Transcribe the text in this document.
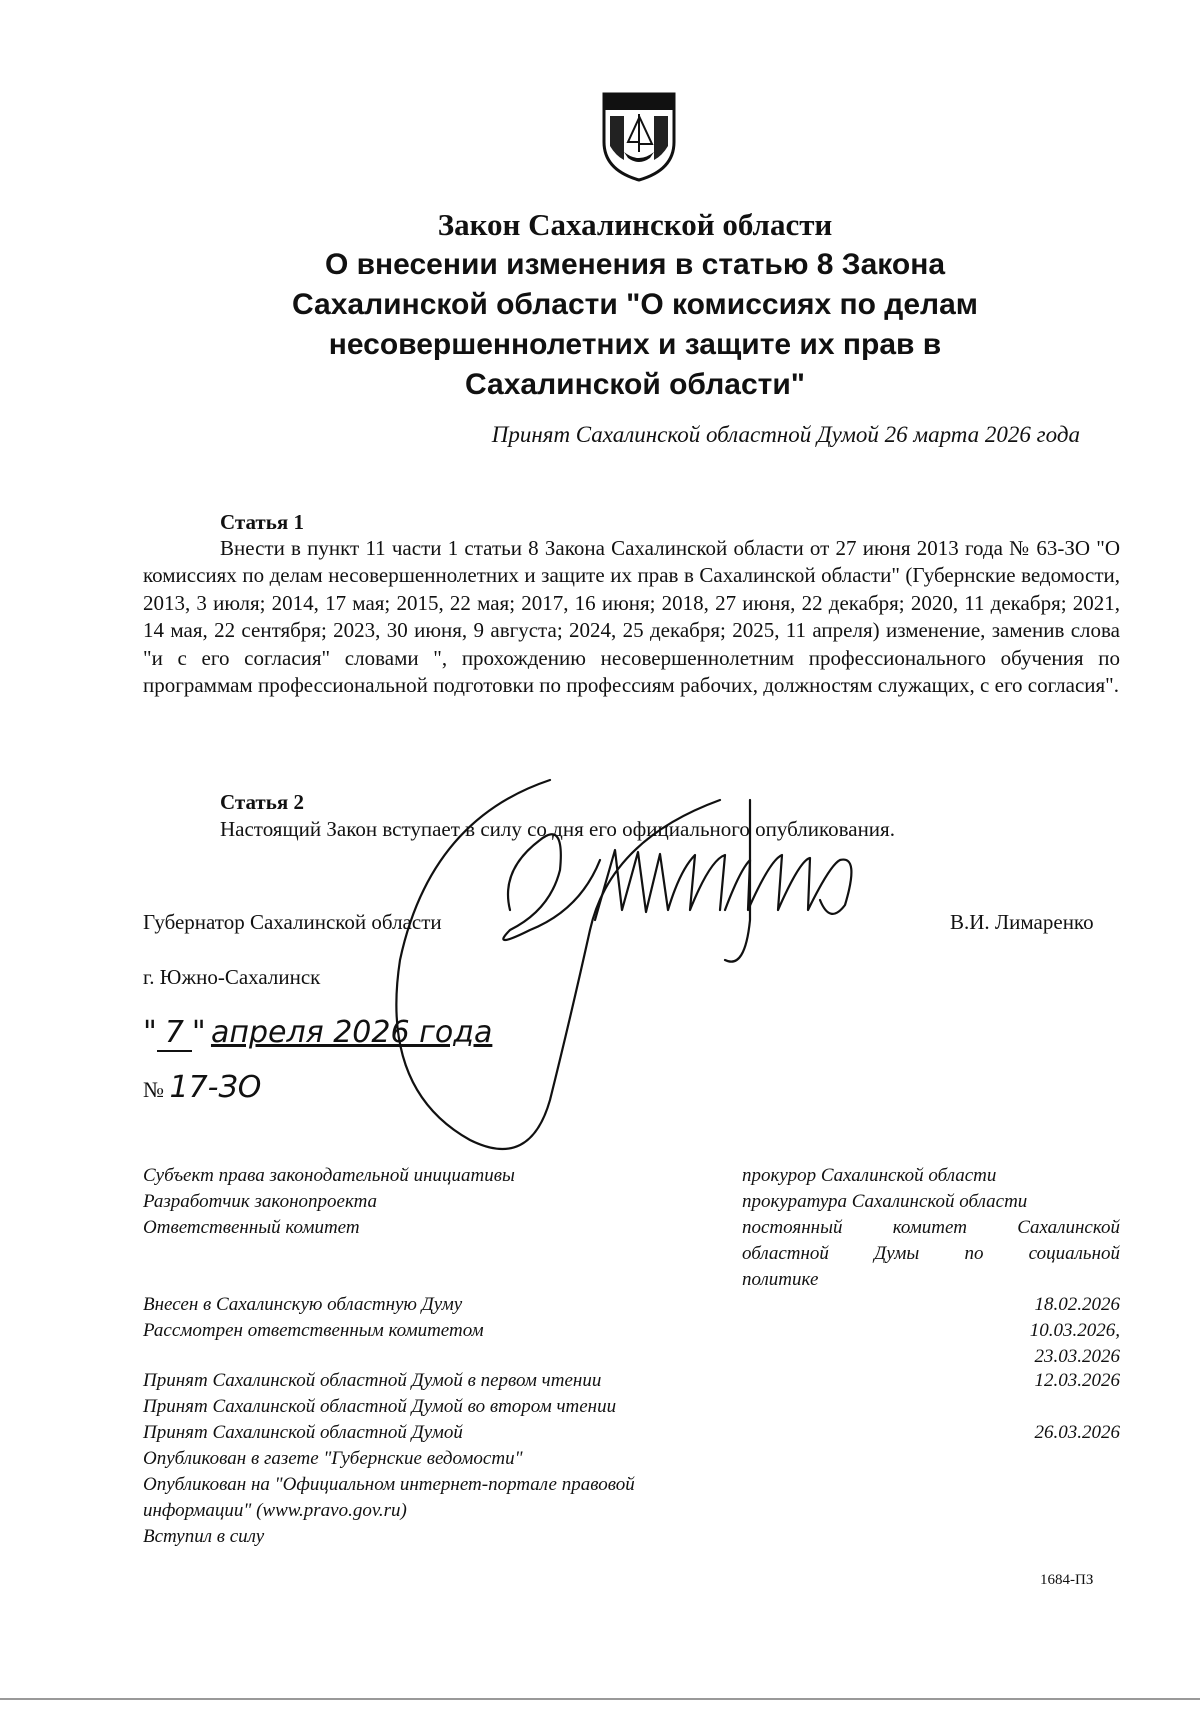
Закон Сахалинской области

О внесении изменения в статью 8 Закона

Сахалинской области "О комиссиях по делам

несовершеннолетних и защите их прав в

Сахалинской области"

Принят Сахалинской областной Думой 26 марта 2026 года
Статья 1
Внести в пункт 11 части 1 статьи 8 Закона Сахалинской области от 27 июня 2013 года № 63-ЗО "О комиссиях по делам несовершеннолетних и защите их прав в Сахалинской области" (Губернские ведомости, 2013, 3 июля; 2014, 17 мая; 2015, 22 мая; 2017, 16 июня; 2018, 27 июня, 22 декабря; 2020, 11 декабря; 2021, 14 мая, 22 сентября; 2023, 30 июня, 9 августа; 2024, 25 декабря; 2025, 11 апреля) изменение, заменив слова "и с его согласия" словами ", прохождению несовершеннолетним профессионального обучения по программам профессиональной подготовки по профессиям рабочих, должностям служащих, с его согласия".
Статья 2
Настоящий Закон вступает в силу со дня его официального опубликования.
Губернатор Сахалинской области	В.И. Лимаренко
г. Южно-Сахалинск
" 7 " апреля 2026 года
№ 17-ЗО
Субъект права законодательной инициативы
Разработчик законопроекта
Ответственный комитет
прокурор Сахалинской области
прокуратура Сахалинской области
постоянный комитет Сахалинской
областной Думы по социальной
политике
Внесен в Сахалинскую областную Думу
Рассмотрен ответственным комитетом
18.02.2026
10.03.2026,
23.03.2026
Принят Сахалинской областной Думой в первом чтении
Принят Сахалинской областной Думой во втором чтении
Принят Сахалинской областной Думой
Опубликован в газете "Губернские ведомости"
Опубликован на "Официальном интернет-портале правовой
информации" (www.pravo.gov.ru)
Вступил в силу
12.03.2026
26.03.2026
1684-ПЗ
